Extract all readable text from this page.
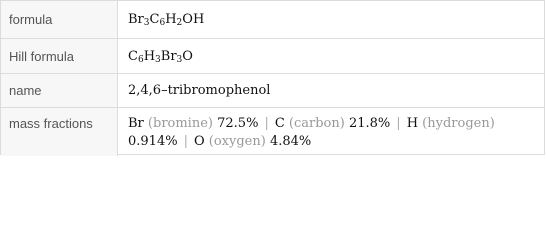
formula	$Br_3C_6H_2OH$
Hill formula	$C_6H_3Br_3O$
name	2,4,6–tribromophenol
mass fractions	Br (bromine) 72.5% | C (carbon) 21.8% | H (hydrogen)
0.914% | O (oxygen) 4.84%
